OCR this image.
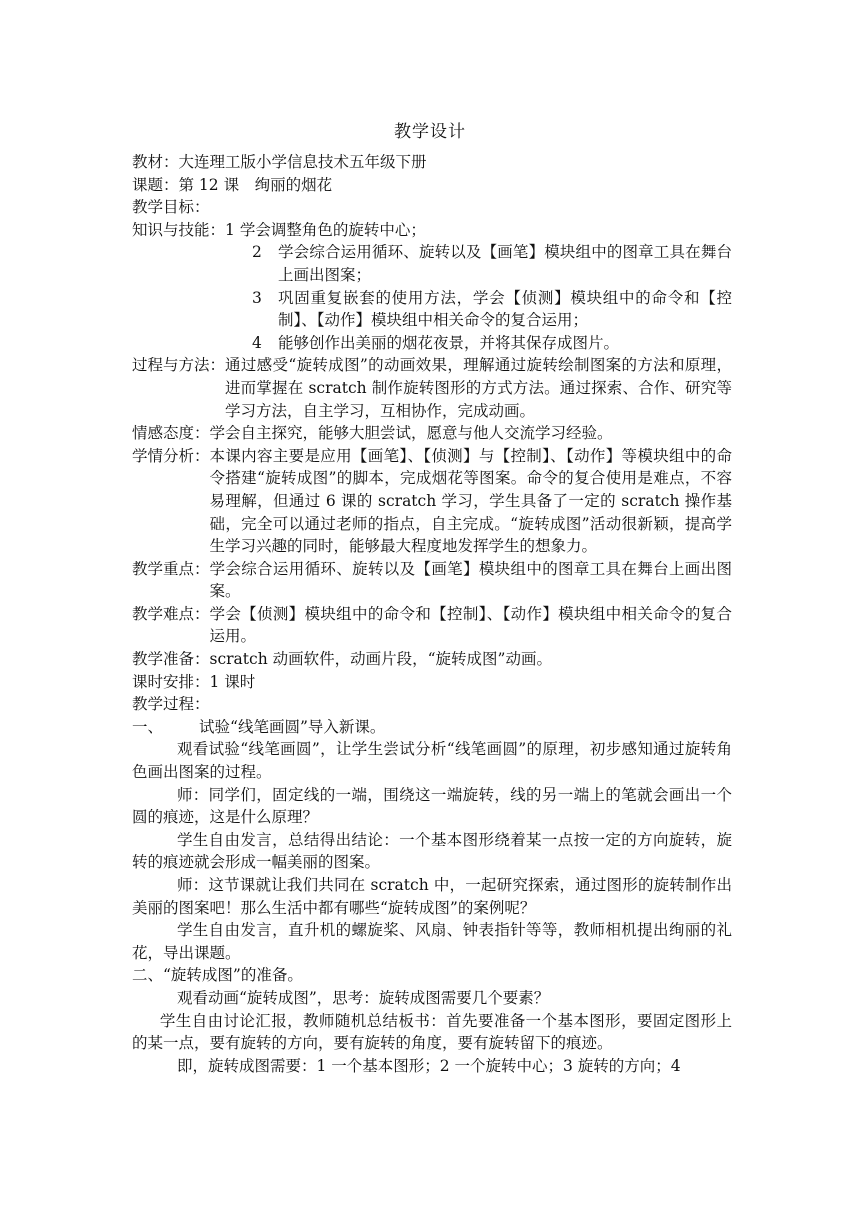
教学设计
教材：大连理工版小学信息技术五年级下册
课题：第 12 课　绚丽的烟花
教学目标：
知识与技能：1 学会调整角色的旋转中心；
2	学会综合运用循环、旋转以及【画笔】模块组中的图章工具在舞台上画出图案；
3	巩固重复嵌套的使用方法，学会【侦测】模块组中的命令和【控制】、【动作】模块组中相关命令的复合运用；
4	能够创作出美丽的烟花夜景，并将其保存成图片。
过程与方法： 通过感受“旋转成图”的动画效果，理解通过旋转绘制图案的方法和原理，进而掌握在 scratch 制作旋转图形的方式方法。通过探索、合作、研究等学习方法，自主学习，互相协作，完成动画。
情感态度： 学会自主探究，能够大胆尝试，愿意与他人交流学习经验。
学情分析： 本课内容主要是应用【画笔】、【侦测】与【控制】、【动作】等模块组中的命令搭建“旋转成图”的脚本，完成烟花等图案。命令的复合使用是难点，不容易理解，但通过 6 课的 scratch 学习，学生具备了一定的 scratch 操作基础，完全可以通过老师的指点，自主完成。“旋转成图”活动很新颖，提高学生学习兴趣的同时，能够最大程度地发挥学生的想象力。
教学重点： 学会综合运用循环、旋转以及【画笔】模块组中的图章工具在舞台上画出图案。
教学难点： 学会【侦测】模块组中的命令和【控制】、【动作】模块组中相关命令的复合运用。
教学准备： scratch 动画软件，动画片段，“旋转成图”动画。
课时安排：1 课时
教学过程：
一、 试验“线笔画圆”导入新课。
观看试验“线笔画圆”，让学生尝试分析“线笔画圆”的原理，初步感知通过旋转角色画出图案的过程。
师：同学们，固定线的一端，围绕这一端旋转，线的另一端上的笔就会画出一个圆的痕迹，这是什么原理？
学生自由发言，总结得出结论：一个基本图形绕着某一点按一定的方向旋转，旋转的痕迹就会形成一幅美丽的图案。
师：这节课就让我们共同在 scratch 中，一起研究探索，通过图形的旋转制作出美丽的图案吧！那么生活中都有哪些“旋转成图”的案例呢？
学生自由发言，直升机的螺旋桨、风扇、钟表指针等等，教师相机提出绚丽的礼花，导出课题。
二、“旋转成图”的准备。
观看动画“旋转成图”，思考：旋转成图需要几个要素？
学生自由讨论汇报，教师随机总结板书：首先要准备一个基本图形，要固定图形上的某一点，要有旋转的方向，要有旋转的角度，要有旋转留下的痕迹。
即，旋转成图需要：1 一个基本图形；2 一个旋转中心；3 旋转的方向；4
